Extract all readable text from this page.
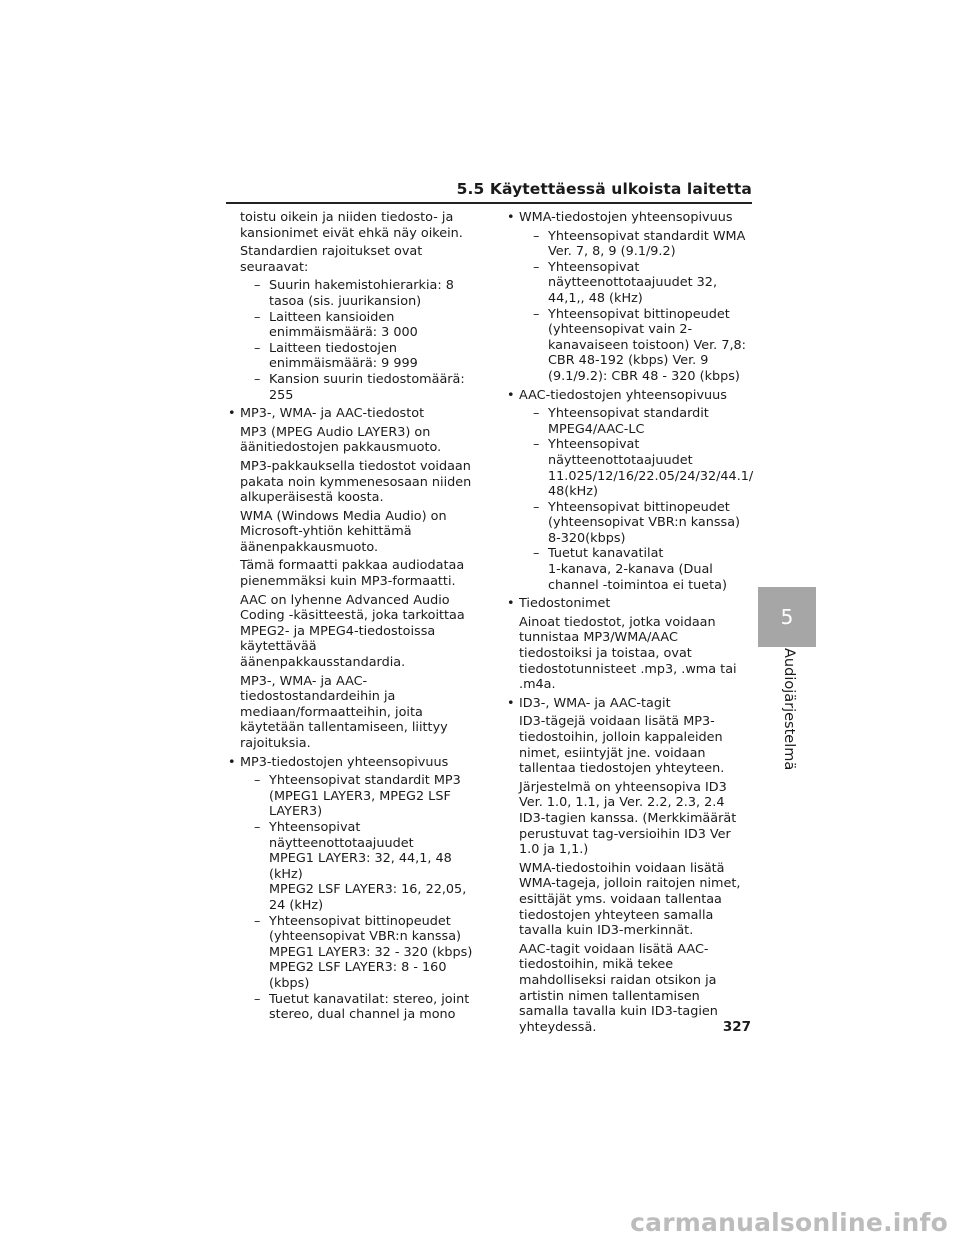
5.5 Käytettäessä ulkoista laitetta
toistu oikein ja niiden tiedosto- ja kansionimet eivät ehkä näy oikein.
Standardien rajoitukset ovat seuraavat:
– Suurin hakemistohierarkia: 8 tasoa (sis. juurikansion)
– Laitteen kansioiden enimmäismäärä: 3 000
– Laitteen tiedostojen enimmäismäärä: 9 999
– Kansion suurin tiedostomäärä: 255
• MP3-, WMA- ja AAC-tiedostot
MP3 (MPEG Audio LAYER3) on äänitiedostojen pakkausmuoto.
MP3-pakkauksella tiedostot voidaan pakata noin kymmenesosaan niiden alkuperäisestä koosta.
WMA (Windows Media Audio) on Microsoft-yhtiön kehittämä äänenpakkausmuoto.
Tämä formaatti pakkaa audiodataa pienemmäksi kuin MP3-formaatti.
AAC on lyhenne Advanced Audio Coding -käsitteestä, joka tarkoittaa MPEG2- ja MPEG4-tiedostoissa käytettävää äänenpakkausstandardia.
MP3-, WMA- ja AAC-tiedostostandardeihin ja mediaan/formaatteihin, joita käytetään tallentamiseen, liittyy rajoituksia.
• MP3-tiedostojen yhteensopivuus
– Yhteensopivat standardit MP3 (MPEG1 LAYER3, MPEG2 LSF LAYER3)
– Yhteensopivat näytteenottotaajuudet
MPEG1 LAYER3: 32, 44,1, 48 (kHz)
MPEG2 LSF LAYER3: 16, 22,05, 24 (kHz)
– Yhteensopivat bittinopeudet (yhteensopivat VBR:n kanssa)
MPEG1 LAYER3: 32 - 320 (kbps)
MPEG2 LSF LAYER3: 8 - 160 (kbps)
– Tuetut kanavatilat: stereo, joint stereo, dual channel ja mono
• WMA-tiedostojen yhteensopivuus
– Yhteensopivat standardit WMA Ver. 7, 8, 9 (9.1/9.2)
– Yhteensopivat näytteenottotaajuudet 32, 44,1,, 48 (kHz)
– Yhteensopivat bittinopeudet (yhteensopivat vain 2-kanavaiseen toistoon) Ver. 7,8: CBR 48-192 (kbps) Ver. 9 (9.1/9.2): CBR 48 - 320 (kbps)
• AAC-tiedostojen yhteensopivuus
– Yhteensopivat standardit
MPEG4/AAC-LC
– Yhteensopivat näytteenottotaajuudet
11.025/12/16/22.05/24/32/44.1/ 48(kHz)
– Yhteensopivat bittinopeudet (yhteensopivat VBR:n kanssa)
8-320(kbps)
– Tuetut kanavatilat
1-kanava, 2-kanava (Dual channel -toimintoa ei tueta)
• Tiedostonimet
Ainoat tiedostot, jotka voidaan tunnistaa MP3/WMA/AAC tiedostoiksi ja toistaa, ovat tiedostotunnisteet .mp3, .wma tai .m4a.
• ID3-, WMA- ja AAC-tagit
ID3-tägejä voidaan lisätä MP3-tiedostoihin, jolloin kappaleiden nimet, esiintyjät jne. voidaan tallentaa tiedostojen yhteyteen.
Järjestelmä on yhteensopiva ID3 Ver. 1.0, 1.1, ja Ver. 2.2, 2.3, 2.4 ID3-tagien kanssa. (Merkkimäärät perustuvat tag-versioihin ID3 Ver 1.0 ja 1,1.)
WMA-tiedostoihin voidaan lisätä WMA-tageja, jolloin raitojen nimet, esittäjät yms. voidaan tallentaa tiedostojen yhteyteen samalla tavalla kuin ID3-merkinnät.
AAC-tagit voidaan lisätä AAC-tiedostoihin, mikä tekee mahdolliseksi raidan otsikon ja artistin nimen tallentamisen samalla tavalla kuin ID3-tagien yhteydessä.
5
Audiojärjestelmä
327
carmanualsonline.info
